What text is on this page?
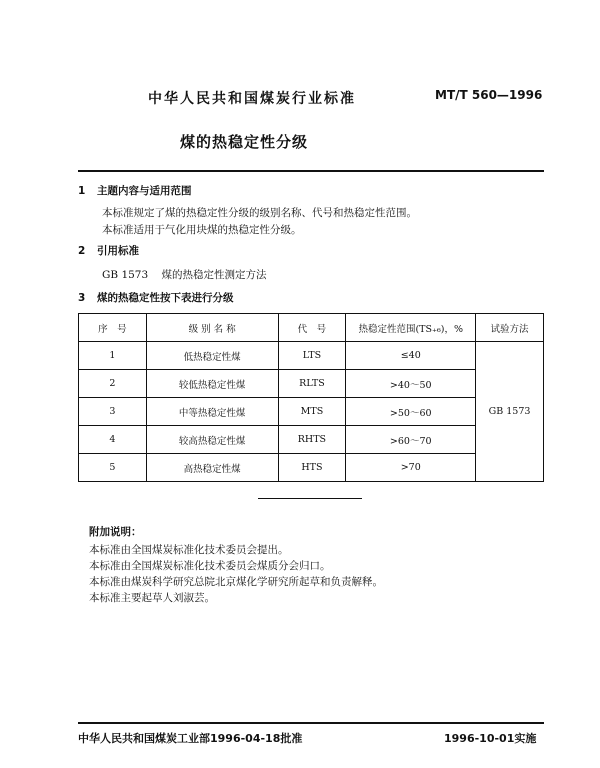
中华人民共和国煤炭行业标准	MT/T 560—1996
煤的热稳定性分级
1 主题内容与适用范围
本标准规定了煤的热稳定性分级的级别名称、代号和热稳定性范围。
本标准适用于气化用块煤的热稳定性分级。
2 引用标准
GB 1573 煤的热稳定性测定方法
3 煤的热稳定性按下表进行分级
序　号	级 别 名 称	代　号	热稳定性范围(TS₊₆)，%	试验方法
1	低热稳定性煤	LTS	≤40	GB 1573
2	较低热稳定性煤	RLTS	>40～50	
3	中等热稳定性煤	MTS	>50～60	
4	较高热稳定性煤	RHTS	>60～70	
5	高热稳定性煤	HTS	>70	
附加说明：
本标准由全国煤炭标准化技术委员会提出。
本标准由全国煤炭标准化技术委员会煤质分会归口。
本标准由煤炭科学研究总院北京煤化学研究所起草和负责解释。
本标准主要起草人刘淑芸。
中华人民共和国煤炭工业部1996-04-18批准	1996-10-01实施
